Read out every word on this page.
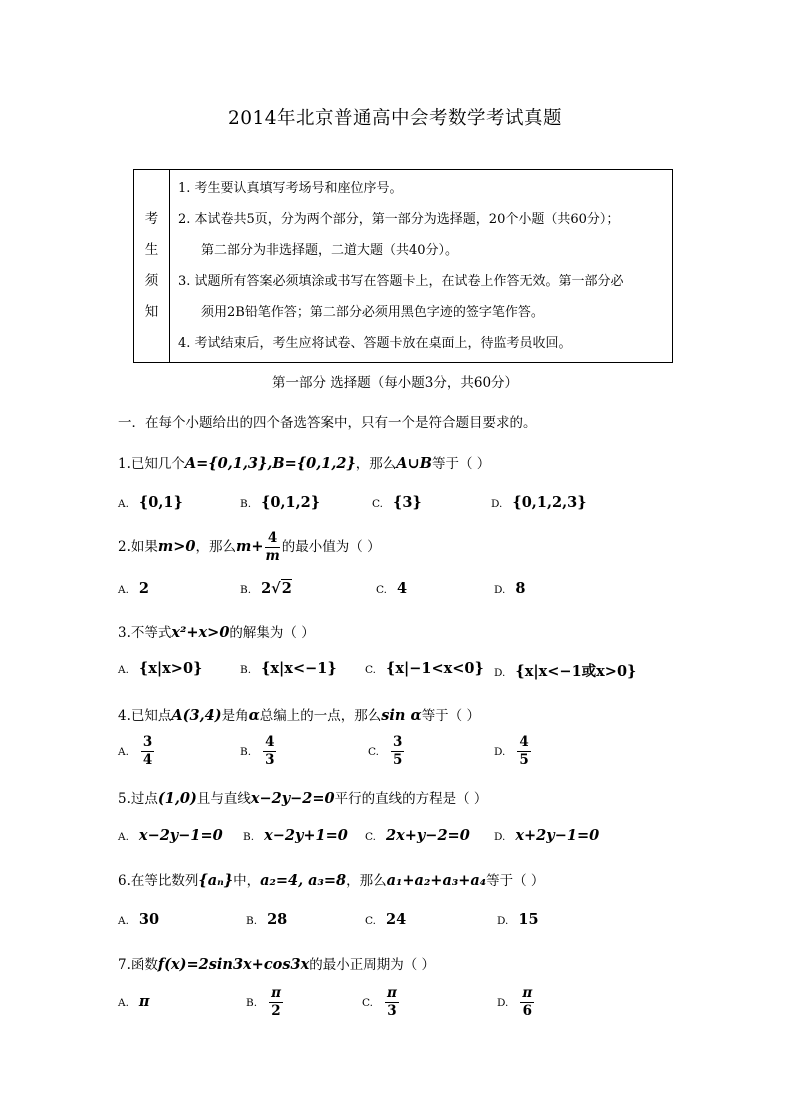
2014年北京普通高中会考数学考试真题
考
生
须
知

1. 考生要认真填写考场号和座位序号。
2. 本试卷共5页，分为两个部分，第一部分为选择题，20个小题（共60分）；
第二部分为非选择题，二道大题（共40分）。
3. 试题所有答案必须填涂或书写在答题卡上，在试卷上作答无效。第一部分必
须用2B铅笔作答；第二部分必须用黑色字迹的签字笔作答。
4. 考试结束后，考生应将试卷、答题卡放在桌面上，待监考员收回。
第一部分 选择题（每小题3分，共60分）
一．在每个小题给出的四个备选答案中，只有一个是符合题目要求的。
1.已知几个A={0,1,3},B={0,1,2}，那么A∪B等于（ ）
A. {0,1}	B. {0,1,2}	C. {3}	D. {0,1,2,3}
2.如果m>0，那么$m+ \frac{4}{m}$ 的最小值为（ ）
A. 2	B. 2√2	C. 4	D. 8
3.不等式x²+x>0的解集为（ ）
A. {x|x>0}	B. {x|x<−1}	C. {x|−1<x<0} D. {x|x<−1或x>0}
4.已知点A(3,4)是角α总编上的一点，那么sin α等于（ ）
A. $\frac{3}{4}$	B. $\frac{4}{3}$	C. $\frac{3}{5}$	D. $\frac{4}{5}$
5.过点(1,0)且与直线x−2y−2=0平行的直线的方程是（ ）
A. x−2y−1=0 B. x−2y+1=0 C. 2x+y−2=0 D. x+2y−1=0
6.在等比数列{aₙ}中，a₂=4, a₃=8，那么a₁+a₂+a₃+a₄等于（ ）
A. 30	B. 28	C. 24	D. 15
7.函数f(x)=2sin3x+cos3x的最小正周期为（ ）
A. π	B. $\frac{\pi}{2}$	C. $\frac{\pi}{3}$	D. $\frac{\pi}{6}$
